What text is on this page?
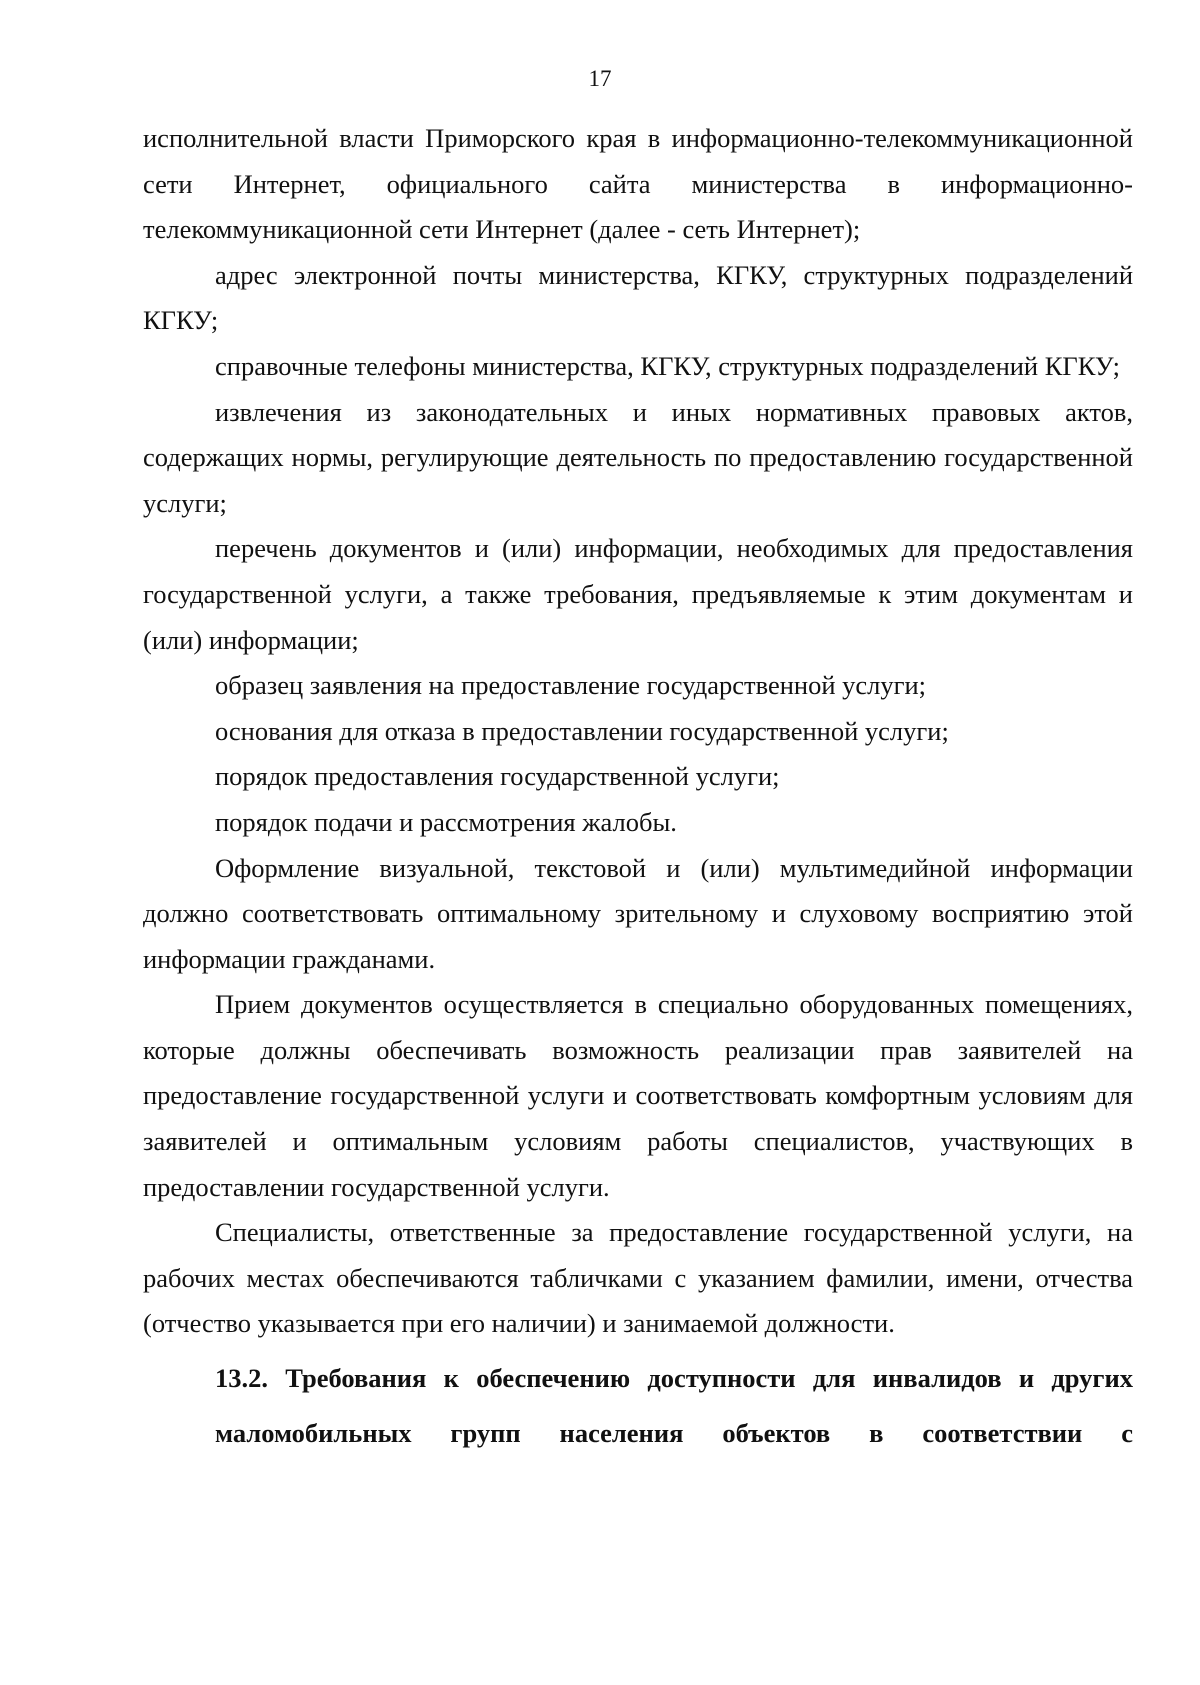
17

исполнительной власти Приморского края в информационно-телекоммуникационной сети Интернет, официального сайта министерства в информационно-телекоммуникационной сети Интернет (далее - сеть Интернет);

адрес электронной почты министерства, КГКУ, структурных подразделений КГКУ;

справочные телефоны министерства, КГКУ, структурных подразделений КГКУ;

извлечения из законодательных и иных нормативных правовых актов, содержащих нормы, регулирующие деятельность по предоставлению государственной услуги;

перечень документов и (или) информации, необходимых для предоставления государственной услуги, а также требования, предъявляемые к этим документам и (или) информации;

образец заявления на предоставление государственной услуги;

основания для отказа в предоставлении государственной услуги;

порядок предоставления государственной услуги;

порядок подачи и рассмотрения жалобы.

Оформление визуальной, текстовой и (или) мультимедийной информации должно соответствовать оптимальному зрительному и слуховому восприятию этой информации гражданами.

Прием документов осуществляется в специально оборудованных помещениях, которые должны обеспечивать возможность реализации прав заявителей на предоставление государственной услуги и соответствовать комфортным условиям для заявителей и оптимальным условиям работы специалистов, участвующих в предоставлении государственной услуги.

Специалисты, ответственные за предоставление государственной услуги, на рабочих местах обеспечиваются табличками с указанием фамилии, имени, отчества (отчество указывается при его наличии) и занимаемой должности.

13.2. Требования к обеспечению доступности для инвалидов и других
маломобильных групп населения объектов в соответствии с
